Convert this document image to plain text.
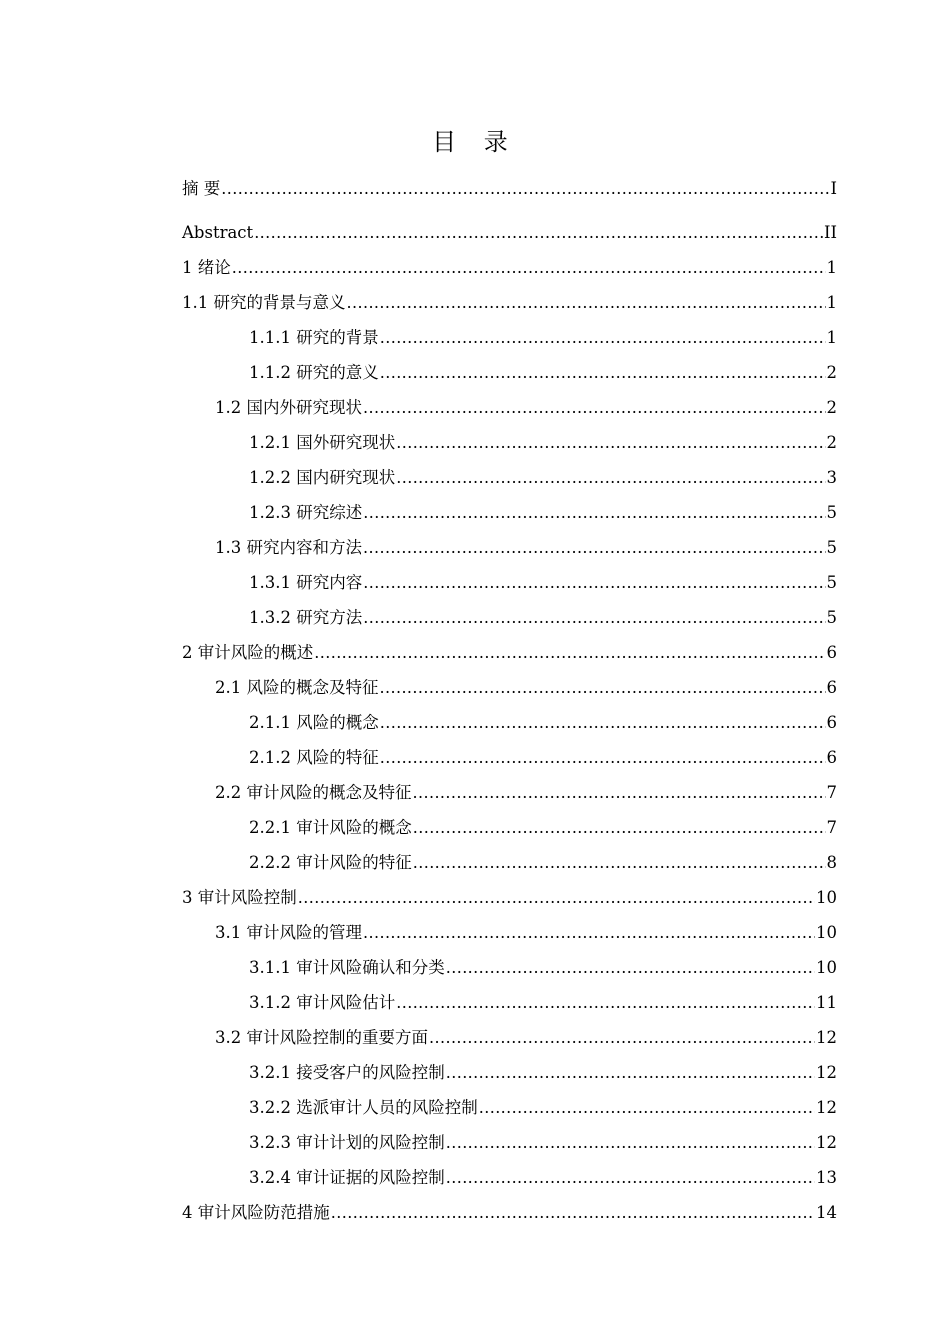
目 录
摘 要 .....	I
Abstract .....	II
1 绪论 .....	1
1.1 研究的背景与意义 .....	1
1.1.1 研究的背景 .....	1
1.1.2 研究的意义 .....	2
1.2 国内外研究现状 .....	2
1.2.1 国外研究现状 .....	2
1.2.2 国内研究现状 .....	3
1.2.3 研究综述 .....	5
1.3 研究内容和方法 .....	5
1.3.1 研究内容 .....	5
1.3.2 研究方法 .....	5
2 审计风险的概述 .....	6
2.1 风险的概念及特征 .....	6
2.1.1 风险的概念 .....	6
2.1.2 风险的特征 .....	6
2.2 审计风险的概念及特征 .....	7
2.2.1 审计风险的概念 .....	7
2.2.2 审计风险的特征 .....	8
3 审计风险控制 .....	10
3.1 审计风险的管理 .....	10
3.1.1 审计风险确认和分类 .....	10
3.1.2 审计风险估计 .....	11
3.2 审计风险控制的重要方面 .....	12
3.2.1 接受客户的风险控制 .....	12
3.2.2 选派审计人员的风险控制 .....	12
3.2.3 审计计划的风险控制 .....	12
3.2.4 审计证据的风险控制 .....	13
4 审计风险防范措施 .....	14
